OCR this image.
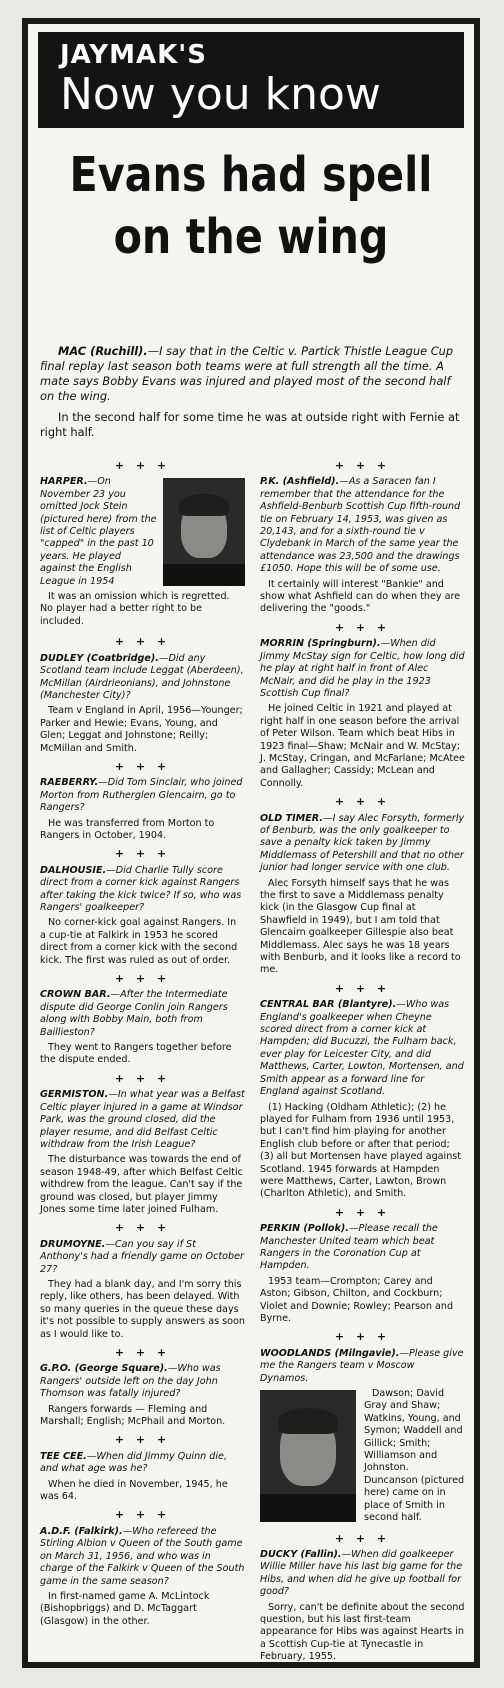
JAYMAK'S
Now you know
Evans had spell
on the wing

MAC (Ruchill).—I say that in the Celtic v. Partick Thistle League Cup final replay last season both teams were at full strength all the time. A mate says Bobby Evans was injured and played most of the second half on the wing.

In the second half for some time he was at outside right with Fernie at right half.

+ + +

HARPER.—On November 23 you omitted Jock Stein (pictured here) from the list of Celtic players "capped" in the past 10 years. He played against the English League in 1954

It was an omission which is regretted. No player had a better right to be included.

+ + +

DUDLEY (Coatbridge).—Did any Scotland team include Leggat (Aberdeen), McMillan (Airdrieonians), and Johnstone (Manchester City)?

Team v England in April, 1956—Younger; Parker and Hewie; Evans, Young, and Glen; Leggat and Johnstone; Reilly; McMillan and Smith.

+ + +

RAEBERRY.—Did Tom Sinclair, who joined Morton from Rutherglen Glencairn, go to Rangers?

He was transferred from Morton to Rangers in October, 1904.

+ + +

DALHOUSIE.—Did Charlie Tully score direct from a corner kick against Rangers after taking the kick twice? If so, who was Rangers' goalkeeper?

No corner-kick goal against Rangers. In a cup-tie at Falkirk in 1953 he scored direct from a corner kick with the second kick. The first was ruled as out of order.

+ + +

CROWN BAR.—After the Intermediate dispute did George Conlin join Rangers along with Bobby Main, both from Baillieston?

They went to Rangers together before the dispute ended.

+ + +

GERMISTON.—In what year was a Belfast Celtic player injured in a game at Windsor Park, was the ground closed, did the player resume, and did Belfast Celtic withdraw from the Irish League?

The disturbance was towards the end of season 1948-49, after which Belfast Celtic withdrew from the league. Can't say if the ground was closed, but player Jimmy Jones some time later joined Fulham.

+ + +

DRUMOYNE.—Can you say if St Anthony's had a friendly game on October 27?

They had a blank day, and I'm sorry this reply, like others, has been delayed. With so many queries in the queue these days it's not possible to supply answers as soon as I would like to.

+ + +

G.P.O. (George Square).—Who was Rangers' outside left on the day John Thomson was fatally injured?

Rangers forwards — Fleming and Marshall; English; McPhail and Morton.

+ + +

TEE CEE.—When did Jimmy Quinn die, and what age was he?

When he died in November, 1945, he was 64.

+ + +

A.D.F. (Falkirk).—Who refereed the Stirling Albion v Queen of the South game on March 31, 1956, and who was in charge of the Falkirk v Queen of the South game in the same season?

In first-named game A. McLintock (Bishopbriggs) and D. McTaggart (Glasgow) in the other.

+ + +

P.K. (Ashfield).—As a Saracen fan I remember that the attendance for the Ashfield-Benburb Scottish Cup fifth-round tie on February 14, 1953, was given as 20,143, and for a sixth-round tie v Clydebank in March of the same year the attendance was 23,500 and the drawings £1050. Hope this will be of some use.

It certainly will interest "Bankie" and show what Ashfield can do when they are delivering the "goods."

+ + +

MORRIN (Springburn).—When did Jimmy McStay sign for Celtic, how long did he play at right half in front of Alec McNair, and did he play in the 1923 Scottish Cup final?

He joined Celtic in 1921 and played at right half in one season before the arrival of Peter Wilson. Team which beat Hibs in 1923 final—Shaw; McNair and W. McStay; J. McStay, Cringan, and McFarlane; McAtee and Gallagher; Cassidy; McLean and Connolly.

+ + +

OLD TIMER.—I say Alec Forsyth, formerly of Benburb, was the only goalkeeper to save a penalty kick taken by Jimmy Middlemass of Petershill and that no other junior had longer service with one club.

Alec Forsyth himself says that he was the first to save a Middlemass penalty kick (in the Glasgow Cup final at Shawfield in 1949), but I am told that Glencairn goalkeeper Gillespie also beat Middlemass. Alec says he was 18 years with Benburb, and it looks like a record to me.

+ + +

CENTRAL BAR (Blantyre).—Who was England's goalkeeper when Cheyne scored direct from a corner kick at Hampden; did Bucuzzi, the Fulham back, ever play for Leicester City, and did Matthews, Carter, Lowton, Mortensen, and Smith appear as a forward line for England against Scotland.

(1) Hacking (Oldham Athletic); (2) he played for Fulham from 1936 until 1953, but I can't find him playing for another English club before or after that period; (3) all but Mortensen have played against Scotland. 1945 forwards at Hampden were Matthews, Carter, Lawton, Brown (Charlton Athletic), and Smith.

+ + +

PERKIN (Pollok).—Please recall the Manchester United team which beat Rangers in the Coronation Cup at Hampden.

1953 team—Crompton; Carey and Aston; Gibson, Chilton, and Cockburn; Violet and Downie; Rowley; Pearson and Byrne.

+ + +

WOODLANDS (Milngavie).—Please give me the Rangers team v Moscow Dynamos.

Dawson; David Gray and Shaw; Watkins, Young, and Symon; Waddell and Gillick; Smith; Williamson and Johnston. Duncanson (pictured here) came on in place of Smith in second half.

+ + +

DUCKY (Fallin).—When did goalkeeper Willie Miller have his last big game for the Hibs, and when did he give up football for good?

Sorry, can't be definite about the second question, but his last first-team appearance for Hibs was against Hearts in a Scottish Cup-tie at Tynecastle in February, 1955.
